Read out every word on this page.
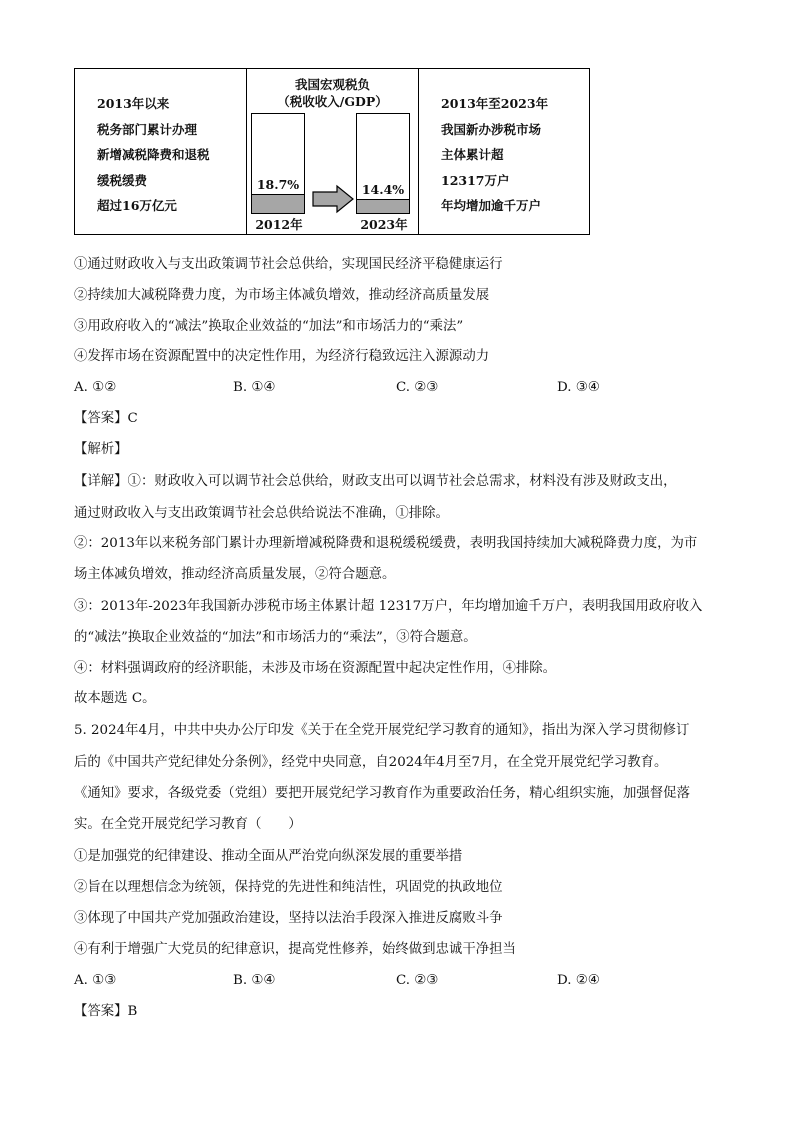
2013年以来
税务部门累计办理
新增减税降费和退税
缓税缓费
超过16万亿元
我国宏观税负
（税收收入/GDP）
18.7%
2012年
14.4%
2023年
2013年至2023年
我国新办涉税市场
主体累计超
12317万户
年均增加逾千万户
①通过财政收入与支出政策调节社会总供给，实现国民经济平稳健康运行
②持续加大减税降费力度，为市场主体减负增效，推动经济高质量发展
③用政府收入的“减法”换取企业效益的“加法”和市场活力的“乘法”
④发挥市场在资源配置中的决定性作用，为经济行稳致远注入源源动力
A. ①②	B. ①④	C. ②③	D. ③④
【答案】C
【解析】
【详解】①：财政收入可以调节社会总供给，财政支出可以调节社会总需求，材料没有涉及财政支出，
通过财政收入与支出政策调节社会总供给说法不准确，①排除。
②：2013年以来税务部门累计办理新增减税降费和退税缓税缓费，表明我国持续加大减税降费力度，为市
场主体减负增效，推动经济高质量发展，②符合题意。
③：2013年-2023年我国新办涉税市场主体累计超 12317万户，年均增加逾千万户，表明我国用政府收入
的“减法”换取企业效益的“加法”和市场活力的“乘法”，③符合题意。
④：材料强调政府的经济职能，未涉及市场在资源配置中起决定性作用，④排除。
故本题选 C。
5. 2024年4月，中共中央办公厅印发《关于在全党开展党纪学习教育的通知》，指出为深入学习贯彻修订
后的《中国共产党纪律处分条例》，经党中央同意，自2024年4月至7月，在全党开展党纪学习教育。
《通知》要求，各级党委（党组）要把开展党纪学习教育作为重要政治任务，精心组织实施，加强督促落
实。在全党开展党纪学习教育（　　）
①是加强党的纪律建设、推动全面从严治党向纵深发展的重要举措
②旨在以理想信念为统领，保持党的先进性和纯洁性，巩固党的执政地位
③体现了中国共产党加强政治建设，坚持以法治手段深入推进反腐败斗争
④有利于增强广大党员的纪律意识，提高党性修养，始终做到忠诚干净担当
A. ①③	B. ①④	C. ②③	D. ②④
【答案】B
